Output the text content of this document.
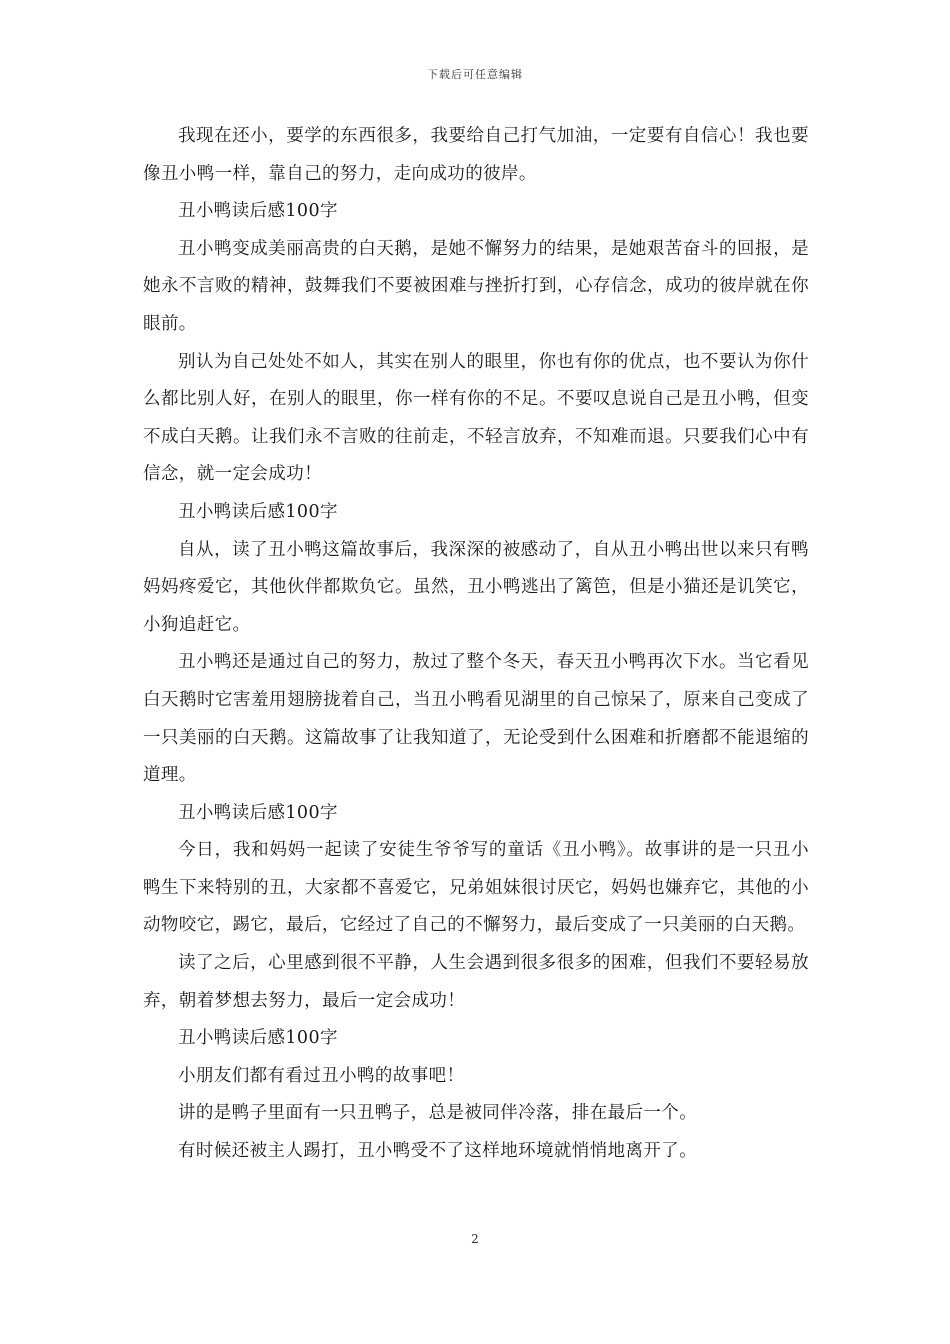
下载后可任意编辑

我现在还小，要学的东西很多，我要给自己打气加油，一定要有自信心！我也要像丑小鸭一样，靠自己的努力，走向成功的彼岸。

丑小鸭读后感100字

丑小鸭变成美丽高贵的白天鹅，是她不懈努力的结果，是她艰苦奋斗的回报，是她永不言败的精神，鼓舞我们不要被困难与挫折打到，心存信念，成功的彼岸就在你眼前。

别认为自己处处不如人，其实在别人的眼里，你也有你的优点，也不要认为你什么都比别人好，在别人的眼里，你一样有你的不足。不要叹息说自己是丑小鸭，但变不成白天鹅。让我们永不言败的往前走，不轻言放弃，不知难而退。只要我们心中有信念，就一定会成功！

丑小鸭读后感100字

自从，读了丑小鸭这篇故事后，我深深的被感动了，自从丑小鸭出世以来只有鸭妈妈疼爱它，其他伙伴都欺负它。虽然，丑小鸭逃出了篱笆，但是小猫还是讥笑它，小狗追赶它。

丑小鸭还是通过自己的努力，敖过了整个冬天，春天丑小鸭再次下水。当它看见白天鹅时它害羞用翅膀拢着自己，当丑小鸭看见湖里的自己惊呆了，原来自己变成了一只美丽的白天鹅。这篇故事了让我知道了，无论受到什么困难和折磨都不能退缩的道理。

丑小鸭读后感100字

今日，我和妈妈一起读了安徒生爷爷写的童话《丑小鸭》。故事讲的是一只丑小鸭生下来特别的丑，大家都不喜爱它，兄弟姐妹很讨厌它，妈妈也嫌弃它，其他的小动物咬它，踢它，最后，它经过了自己的不懈努力，最后变成了一只美丽的白天鹅。

读了之后，心里感到很不平静，人生会遇到很多很多的困难，但我们不要轻易放弃，朝着梦想去努力，最后一定会成功！

丑小鸭读后感100字

小朋友们都有看过丑小鸭的故事吧！

讲的是鸭子里面有一只丑鸭子，总是被同伴冷落，排在最后一个。

有时候还被主人踢打，丑小鸭受不了这样地环境就悄悄地离开了。

2
